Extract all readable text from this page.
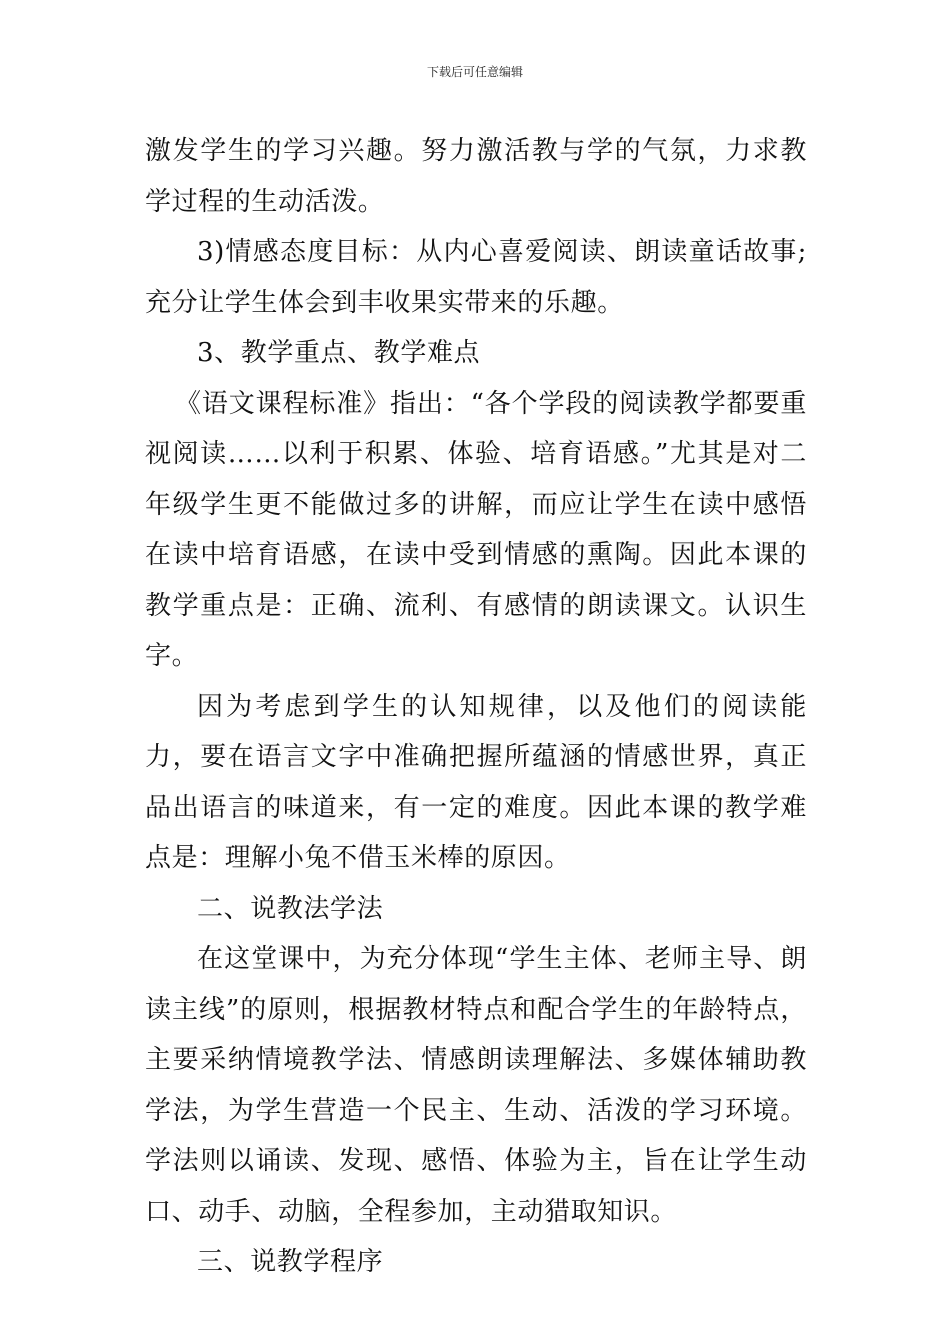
下载后可任意编辑

激发学生的学习兴趣。努力激活教与学的气氛，力求教学过程的生动活泼。

3)情感态度目标：从内心喜爱阅读、朗读童话故事;充分让学生体会到丰收果实带来的乐趣。

3、教学重点、教学难点

《语文课程标准》指出：“各个学段的阅读教学都要重视阅读……以利于积累、体验、培育语感。”尤其是对二年级学生更不能做过多的讲解，而应让学生在读中感悟在读中培育语感，在读中受到情感的熏陶。因此本课的教学重点是：正确、流利、有感情的朗读课文。认识生字。

因为考虑到学生的认知规律，以及他们的阅读能力，要在语言文字中准确把握所蕴涵的情感世界，真正品出语言的味道来，有一定的难度。因此本课的教学难点是：理解小兔不借玉米棒的原因。

二、说教法学法

在这堂课中，为充分体现“学生主体、老师主导、朗读主线”的原则，根据教材特点和配合学生的年龄特点，主要采纳情境教学法、情感朗读理解法、多媒体辅助教学法，为学生营造一个民主、生动、活泼的学习环境。学法则以诵读、发现、感悟、体验为主，旨在让学生动口、动手、动脑，全程参加，主动猎取知识。

三、说教学程序
